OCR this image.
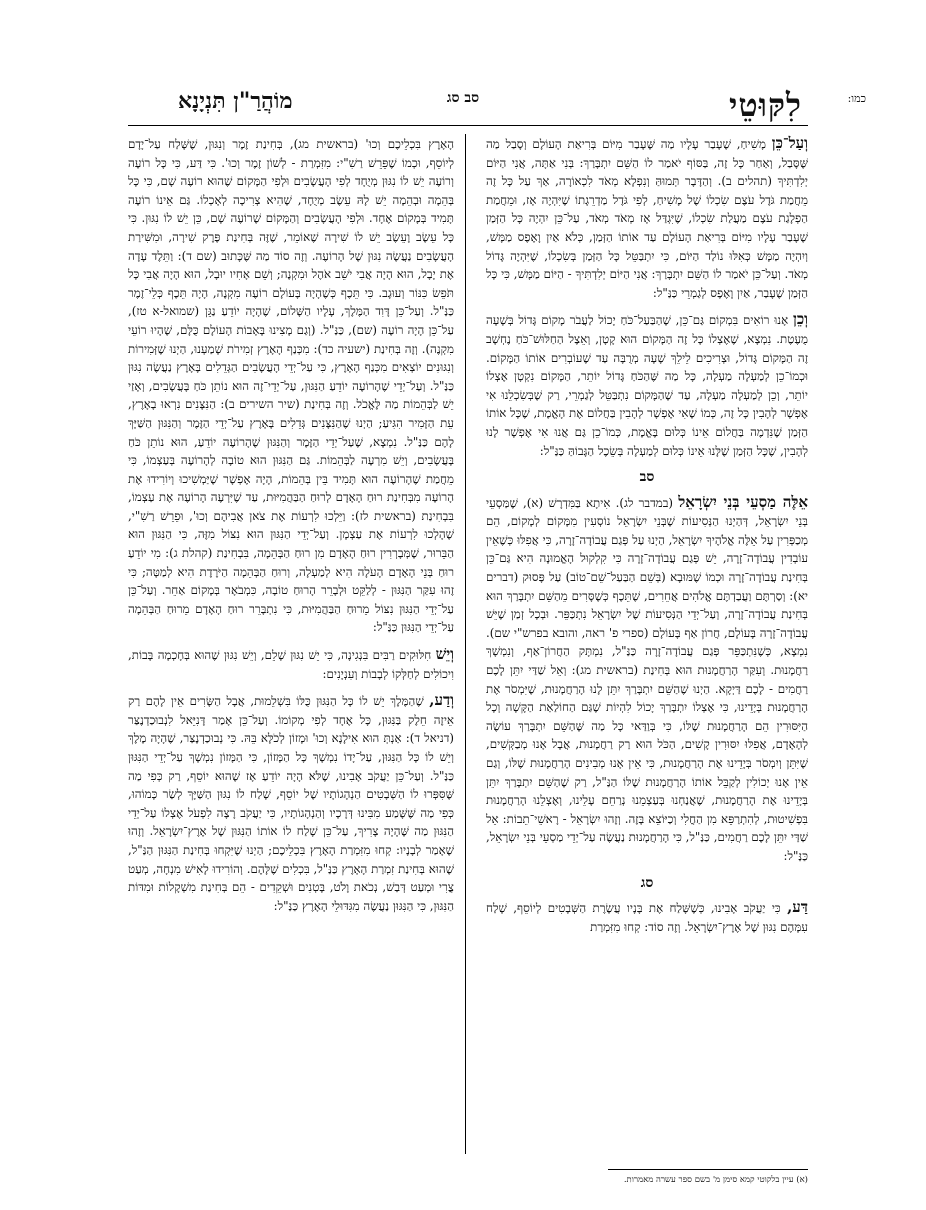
כמו:
לִקּוּטֵי
סב סג
מוֹהֲרַ"ן תִּנְיָנָא

וְעַל־כֵּן מָשִׁיחַ, שֶׁעָבַר עָלָיו מַה שֶּׁעָבַר מִיּוֹם בְּרִיאַת הָעוֹלָם וְסָבַל מַה שֶּׁסָּבַל, וְאַחַר כָּל זֶה, בַּסּוֹף יֹאמַר לוֹ הַשֵּׁם יִתְבָּרַךְ: בְּנִי אַתָּה, אֲנִי הַיּוֹם יְלִדְתִּיךָ (תהלים ב). וְהַדָּבָר תְּמוּהַּ וְנִפְלָא מְאֹד לִכְאוֹרָה, אַךְ עַל כָּל זֶה מֵחֲמַת גֹּדֶל עֹצֶם שִׂכְלוֹ שֶׁל מָשִׁיחַ, לְפִי גֹּדֶל מַדְרֵגָתוֹ שֶׁיִּהְיֶה אָז, וּמֵחֲמַת הַפְלָגַת עֹצֶם מַעֲלַת שִׂכְלוֹ, שֶׁיִּגְדַּל אָז מְאֹד מְאֹד, עַל־כֵּן יִהְיֶה כָּל הַזְּמַן שֶׁעָבַר עָלָיו מִיּוֹם בְּרִיאַת הָעוֹלָם עַד אוֹתוֹ הַזְּמַן, כְּלֹא אַיִן וָאֶפֶס מַמָּשׁ, וְיִהְיֶה מַמָּשׁ כְּאִלּוּ נוֹלַד הַיּוֹם, כִּי יִתְבַּטֵּל כָּל הַזְּמַן בְּשִׂכְלוֹ, שֶׁיִּהְיֶה גָּדוֹל מְאֹד. וְעַל־כֵּן יֹאמַר לוֹ הַשֵּׁם יִתְבָּרַךְ: אֲנִי הַיּוֹם יְלִדְתִּיךָ - הַיּוֹם מַמָּשׁ, כִּי כָּל הַזְּמַן שֶׁעָבַר, אַיִן וָאֶפֶס לְגַמְרֵי כַּנַּ"ל:

וְכֵן אָנוּ רוֹאִים בִּמְקוֹם גַּם־כֵּן, שֶׁהַבַּעַל־כֹּחַ יָכוֹל לַעֲבֹר מָקוֹם גָּדוֹל בְּשָׁעָה מֻעֶטֶת. נִמְצָא, שֶׁאֶצְלוֹ כָּל זֶה הַמָּקוֹם הוּא קָטָן, וְאֵצֶל הַחַלּוּשׁ־כֹּחַ נֶחְשָׁב זֶה הַמָּקוֹם גָּדוֹל, וּצְרִיכִים לֵילֵךְ שָׁעָה מְרֻבָּה עַד שֶׁעוֹבְרִים אוֹתוֹ הַמָּקוֹם. וּכְמוֹ־כֵן לְמַעְלָה מַעְלָה, כָּל מַה שֶּׁהַכֹּחַ גָּדוֹל יוֹתֵר, הַמָּקוֹם נִקְטָן אֶצְלוֹ יוֹתֵר, וְכֵן לְמַעְלָה מַעְלָה, עַד שֶׁהַמָּקוֹם נִתְבַּטֵּל לְגַמְרֵי, רַק שֶׁבְּשִׂכְלֵנוּ אִי אֶפְשָׁר לְהָבִין כָּל זֶה, כְּמוֹ שֶׁאִי אֶפְשָׁר לְהָבִין בַּחֲלוֹם אֶת הָאֱמֶת, שֶׁכָּל אוֹתוֹ הַזְּמַן שֶׁנִּדְמֶה בַּחֲלוֹם אֵינוֹ כְּלוּם בֶּאֱמֶת, כְּמוֹ־כֵן גַּם אֲנוּ אִי אֶפְשָׁר לָנוּ לְהָבִין, שֶׁכָּל הַזְּמַן שֶׁלָּנוּ אֵינוֹ כְּלוּם לְמַעְלָה בְּשֵׂכֶל הַגָּבוֹהַּ כַּנַּ"ל:

סב

אֵלֶּה מַסְעֵי בְּנֵי יִשְׂרָאֵל (במדבר לג). אִיתָא בַּמִּדְרָשׁ (א), שֶׁמַּסְעֵי בְּנֵי יִשְׂרָאֵל, דְּהַיְנוּ הַנְּסִיעוֹת שֶׁבְּנֵי יִשְׂרָאֵל נוֹסְעִין מִמָּקוֹם לְמָקוֹם, הֵם מְכַפְּרִין עַל אֵלֶּה אֱלֹהֶיךָ יִשְׂרָאֵל, הַיְנוּ עַל פְּגַם עֲבוֹדָה־זָרָה, כִּי אֲפִלּוּ כְּשֶׁאֵין עוֹבְדִין עֲבוֹדָה־זָרָה, יֵשׁ פְּגַם עֲבוֹדָה־זָרָה כִּי קִלְקוּל הָאֱמוּנָה הִיא גַּם־כֵּן בְּחִינַת עֲבוֹדָה־זָרָה וּכְמוֹ שֶׁמּוּבָא (בְּשֵׁם הַבַּעַל־שֵׁם־טוֹב) עַל פָּסוּק (דברים יא): וְסַרְתֶּם וַעֲבַדְתֶּם אֱלֹהִים אֲחֵרִים, שֶׁתֵּכֶף כְּשֶׁסָּרִים מֵהַשֵּׁם יִתְבָּרַךְ הוּא בְּחִינַת עֲבוֹדָה־זָרָה, וְעַל־יְדֵי הַנְּסִיעוֹת שֶׁל יִשְׂרָאֵל נִתְכַּפֵּר. וּבְכָל זְמַן שֶׁיֵּשׁ עֲבוֹדָה־זָרָה בָּעוֹלָם, חֲרוֹן אַף בָּעוֹלָם (ספרי פ' ראה, והובא בפרש"י שם). נִמְצָא, כְּשֶׁנִּתְכַּפֵּר פְּגַם עֲבוֹדָה־זָרָה כַּנַּ"ל, נִמְתָּק הַחֲרוֹן־אַף, וְנִמְשָׁךְ רַחֲמָנוּת. וְעִקַּר הָרַחֲמָנוּת הוּא בְּחִינַת (בראשית מג): וְאֵל שַׁדַּי יִתֵּן לָכֶם רַחֲמִים - לָכֶם דַּיְקָא. הַיְנוּ שֶׁהַשֵּׁם יִתְבָּרַךְ יִתֵּן לָנוּ הָרַחֲמָנוּת, שֶׁיִּמְסֹר אֶת הָרַחֲמָנוּת בְּיָדֵינוּ, כִּי אֶצְלוֹ יִתְבָּרַךְ יָכוֹל לִהְיוֹת שֶׁגַּם הַחוֹלַאַת הַקָּשָׁה וְכָל הַיִּסּוּרִין הֵם הָרַחֲמָנוּת שֶׁלּוֹ, כִּי בְּוַדַּאי כָּל מַה שֶּׁהַשֵּׁם יִתְבָּרַךְ עוֹשֶׂה לְהָאָדָם, אֲפִלּוּ יִסּוּרִין קָשִׁים, הַכֹּל הוּא רַק רַחֲמָנוּת, אֲבָל אָנוּ מְבַקְּשִׁים, שֶׁיִּתֵּן וְיִמְסֹר בְּיָדֵינוּ אֶת הָרַחֲמָנוּת, כִּי אֵין אָנוּ מְבִינִים הָרַחֲמָנוּת שֶׁלּוֹ, וְגַם אֵין אָנוּ יְכוֹלִין לְקַבֵּל אוֹתוֹ הָרַחֲמָנוּת שֶׁלּוֹ הַנַּ"ל, רַק שֶׁהַשֵּׁם יִתְבָּרַךְ יִתֵּן בְּיָדֵינוּ אֶת הָרַחֲמָנוּת, שֶׁאֲנַחְנוּ בְּעַצְמֵנוּ נְרַחֵם עָלֵינוּ, וְאֶצְלֵנוּ הָרַחֲמָנוּת בִּפְשִׁיטוּת, לְהִתְרַפֵּא מִן הַחֳלִי וְכַיּוֹצֵא בָּזֶה. וְזֶהוּ יִשְׂרָאֵל - רָאשֵׁי־תֵבוֹת: אֵל שַׁדַּי יִתֵּן לָכֶם רַחֲמִים, כַּנַּ"ל, כִּי הָרַחֲמָנוּת נַעֲשֶׂה עַל־יְדֵי מַסְעֵי בְּנֵי יִשְׂרָאֵל, כַּנַּ"ל:

סג

דַּע, כִּי יַעֲקֹב אָבִינוּ, כְּשֶׁשָּׁלַח אֶת בָּנָיו עֲשֶׂרֶת הַשְּׁבָטִים לְיוֹסֵף, שָׁלַח עִמָּהֶם נִגּוּן שֶׁל אֶרֶץ־יִשְׂרָאֵל. וְזֶה סוֹד: קְחוּ מִזִּמְרַת

הָאָרֶץ בִּכְלֵיכֶם וְכוּ' (בראשית מג), בְּחִינַת זֶמֶר וְנִגּוּן, שֶׁשָּׁלַח עַל־יָדָם לְיוֹסֵף, וּכְמוֹ שֶׁפֵּרֵשׁ רַשִׁ"י: מִזִּמְרַת - לְשׁוֹן זֶמֶר וְכוּ'. כִּי דַּע, כִּי כָּל רוֹעֶה וְרוֹעֶה יֵשׁ לוֹ נִגּוּן מְיֻחָד לְפִי הָעֲשָׂבִים וּלְפִי הַמָּקוֹם שֶׁהוּא רוֹעֶה שָׁם, כִּי כָּל בְּהֵמָה וּבְהֵמָה יֵשׁ לָהּ עֵשֶׂב מְיֻחָד, שֶׁהִיא צְרִיכָה לְאָכְלוֹ. גַּם אֵינוֹ רוֹעֶה תָּמִיד בְּמָקוֹם אֶחָד. וּלְפִי הָעֲשָׂבִים וְהַמָּקוֹם שֶׁרוֹעֶה שָׁם, כֵּן יֵשׁ לוֹ נִגּוּן. כִּי כָּל עֵשֶׂב וָעֵשֶׂב יֵשׁ לוֹ שִׁירָה שֶׁאוֹמֵר, שֶׁזֶּה בְּחִינַת פֶּרֶק שִׁירָה, וּמִשִּׁירַת הָעֲשָׂבִים נַעֲשֶׂה נִגּוּן שֶׁל הָרוֹעֶה. וְזֶה סוֹד מַה שֶּׁכָּתוּב (שם ד): וַתֵּלֶד עָדָה אֶת יָבָל, הוּא הָיָה אֲבִי יֹשֵׁב אֹהֶל וּמִקְנֶה; וְשֵׁם אָחִיו יוּבָל, הוּא הָיָה אֲבִי כָּל תֹּפֵשׂ כִּנּוֹר וְעוּגָב. כִּי תֵּכֶף כְּשֶׁהָיָה בָּעוֹלָם רוֹעֶה מִקְנֶה, הָיָה תֵּכֶף כְּלֵי־זֶמֶר כַּנַּ"ל. וְעַל־כֵּן דָּוִד הַמֶּלֶךְ, עָלָיו הַשָּׁלוֹם, שֶׁהָיָה יוֹדֵעַ נַגֵּן (שמואל-א טז), עַל־כֵּן הָיָה רוֹעֶה (שם), כַּנַּ"ל. (וְגַם מָצִינוּ בָּאָבוֹת הָעוֹלָם כֻּלָּם, שֶׁהָיוּ רוֹעֵי מִקְנֶה). וְזֶה בְּחִינַת (ישעיה כד): מִכְּנַף הָאָרֶץ זְמִירֹת שָׁמַעְנוּ, הַיְנוּ שֶׁזְּמִירוֹת וְנִגּוּנִים יוֹצְאִים מִכְּנַף הָאָרֶץ, כִּי עַל־יְדֵי הָעֲשָׂבִים הַגְּדֵלִים בָּאָרֶץ נַעֲשֶׂה נִגּוּן כַּנַּ"ל. וְעַל־יְדֵי שֶׁהָרוֹעֶה יוֹדֵעַ הַנִּגּוּן, עַל־יְדֵי־זֶה הוּא נוֹתֵן כֹּחַ בָּעֲשָׂבִים, וְאָזַי יֵשׁ לַבְּהֵמוֹת מַה לֶּאֱכֹל. וְזֶה בְּחִינַת (שיר השירים ב): הַנִּצָּנִים נִרְאוּ בָאָרֶץ, עֵת הַזָּמִיר הִגִּיעַ; הַיְנוּ שֶׁהַנִּצָּנִים גְּדֵלִים בָּאָרֶץ עַל־יְדֵי הַזֶּמֶר וְהַנִּגּוּן הַשַּׁיָּךְ לָהֶם כַּנַּ"ל. נִמְצָא, שֶׁעַל־יְדֵי הַזֶּמֶר וְהַנִּגּוּן שֶׁהָרוֹעֶה יוֹדֵעַ, הוּא נוֹתֵן כֹּחַ בָּעֲשָׂבִים, וְיֵשׁ מִרְעֶה לַבְּהֵמוֹת. גַּם הַנִּגּוּן הוּא טוֹבָה לְהָרוֹעֶה בְּעַצְמוֹ, כִּי מֵחֲמַת שֶׁהָרוֹעֶה הוּא תָּמִיד בֵּין בְּהֵמוֹת, הָיָה אֶפְשָׁר שֶׁיַּמְשִׁיכוּ וְיוֹרִידוּ אֶת הָרוֹעֶה מִבְּחִינַת רוּחַ הָאָדָם לְרוּחַ הַבַּהֲמִיּוּת, עַד שֶׁיִּרְעֶה הָרוֹעֶה אֶת עַצְמוֹ, בִּבְחִינַת (בראשית לז): וַיֵּלְכוּ לִרְעוֹת אֶת צֹאן אֲבִיהֶם וְכוּ', וּפֵרֵשׁ רַשִׁ"י, שֶׁהָלְכוּ לִרְעוֹת אֶת עַצְמָן. וְעַל־יְדֵי הַנִּגּוּן הוּא נִצּוֹל מִזֶּה, כִּי הַנִּגּוּן הוּא הַבֵּרוּר, שֶׁמְּבָרְרִין רוּחַ הָאָדָם מִן רוּחַ הַבְּהֵמָה, בִּבְחִינַת (קהלת ג): מִי יוֹדֵעַ רוּחַ בְּנֵי הָאָדָם הָעֹלָה הִיא לְמַעְלָה, וְרוּחַ הַבְּהֵמָה הַיֹּרֶדֶת הִיא לְמַטָּה; כִּי זֶהוּ עִקַּר הַנִּגּוּן - לְלַקֵּט וּלְבָרֵר הָרוּחַ טוֹבָה, כִּמְבֹאָר בְּמָקוֹם אַחֵר. וְעַל־כֵּן עַל־יְדֵי הַנִּגּוּן נִצּוֹל מֵרוּחַ הַבַּהֲמִיּוּת, כִּי נִתְבָּרֵר רוּחַ הָאָדָם מֵרוּחַ הַבְּהֵמָה עַל־יְדֵי הַנִּגּוּן כַּנַּ"ל:

וְיֵשׁ חִלּוּקִים רַבִּים בִּנְגִינָה, כִּי יֵשׁ נִגּוּן שָׁלֵם, וְיֵשׁ נִגּוּן שֶׁהוּא בְּחָכְמָה בָּבוֹת, וִיכוֹלִים לְחַלְּקוֹ לְבָבוֹת וְעִנְיָנִים:

וְדַע, שֶׁהַמֶּלֶךְ יֵשׁ לוֹ כָּל הַנִּגּוּן כֻּלּוֹ בִּשְׁלֵמוּת, אֲבָל הַשָּׂרִים אֵין לָהֶם רַק אֵיזֶה חֵלֶק בַּנִּגּוּן, כָּל אֶחָד לְפִי מְקוֹמוֹ. וְעַל־כֵּן אָמַר דָּנִיֵּאל לִנְבוּכַדְנֶצַּר (דניאל ד): אַנְתְּ הוּא אִילָנָא וְכוּ' וּמָזוֹן לְכֹלָּא בֵּהּ. כִּי נְבוּכַדְנֶצַּר, שֶׁהָיָה מֶלֶךְ וְיֵשׁ לוֹ כָּל הַנִּגּוּן, עַל־יָדוֹ נִמְשָׁךְ כָּל הַמָּזוֹן, כִּי הַמָּזוֹן נִמְשָׁךְ עַל־יְדֵי הַנִּגּוּן כַּנַּ"ל. וְעַל־כֵּן יַעֲקֹב אָבִינוּ, שֶׁלֹּא הָיָה יוֹדֵעַ אָז שֶׁהוּא יוֹסֵף, רַק כְּפִי מַה שֶּׁסִּפְּרוּ לוֹ הַשְּׁבָטִים הַנְהָגוֹתָיו שֶׁל יוֹסֵף, שָׁלַח לוֹ נִגּוּן הַשַּׁיָּךְ לְשַׂר כָּמוֹהוּ, כְּפִי מַה שֶּׁשָּׁמַע מִבִּינוּ דְּרָכָיו וְהַנְהָגוֹתָיו, כִּי יַעֲקֹב רָצָה לִפְעֹל אֶצְלוֹ עַל־יְדֵי הַנִּגּוּן מַה שֶּׁהָיָה צָרִיךְ, עַל־כֵּן שָׁלַח לוֹ אוֹתוֹ הַנִּגּוּן שֶׁל אֶרֶץ־יִשְׂרָאֵל. וְזֶהוּ שֶׁאָמַר לְבָנָיו: קְחוּ מִזִּמְרַת הָאָרֶץ בִּכְלֵיכֶם; הַיְנוּ שֶׁיִּקְחוּ בְּחִינַת הַנִּגּוּן הַנַּ"ל, שֶׁהוּא בְּחִינַת זִמְרַת הָאָרֶץ כַּנַּ"ל, בִּכְלִים שֶׁלָּהֶם. וְהוֹרִידוּ לָאִישׁ מִנְחָה, מְעַט צֳרִי וּמְעַט דְּבַשׁ, נְכֹאת וָלֹט, בָּטְנִים וּשְׁקֵדִים - הֵם בְּחִינַת מִשְׁקָלוֹת וּמִדּוֹת הַנִּגּוּן, כִּי הַנִּגּוּן נַעֲשֶׂה מִגִּדּוּלֵי הָאָרֶץ כַּנַּ"ל:

(א) עיין בלקוטי קמא סימן מ' בשם ספר עשרה מאמרות.
